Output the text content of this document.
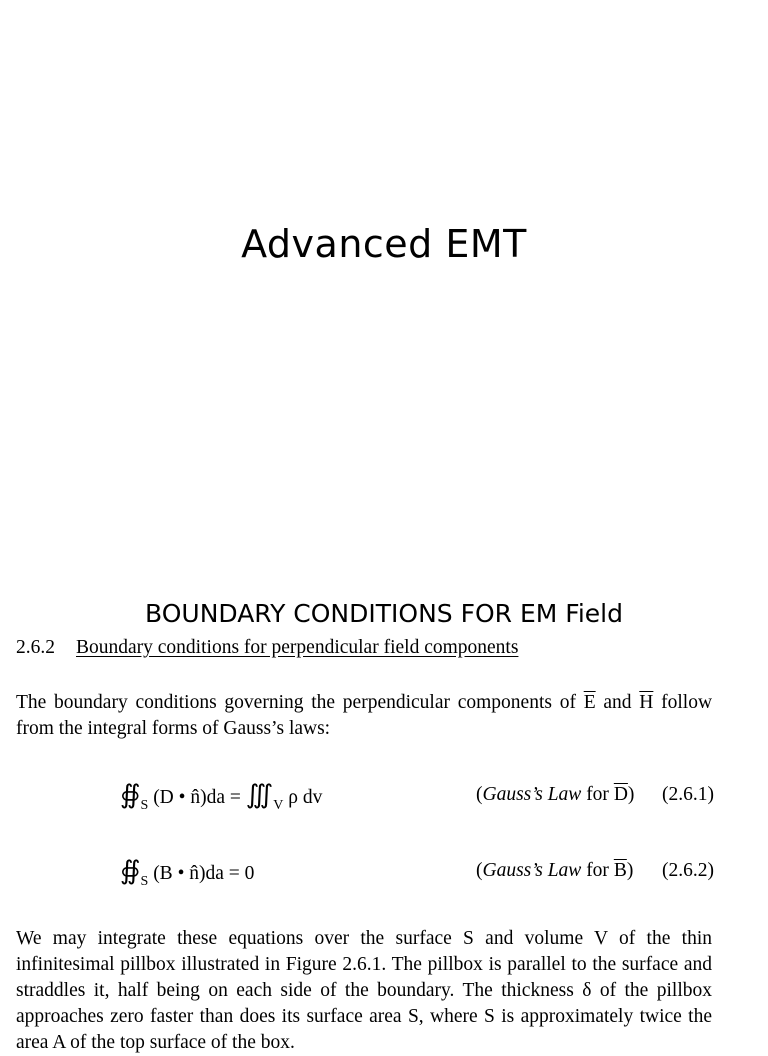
Advanced EMT
BOUNDARY CONDITIONS FOR EM Field
2.6.2 Boundary conditions for perpendicular field components
The boundary conditions governing the perpendicular components of $\overline{E}$ and $\overline{H}$ follow from the integral forms of Gauss’s laws:
$∯_S$ (D • n̂)da = $∭_V$ ρ dv	(Gauss’s Law for $\overline{D}$) (2.6.1)
$∯_S$ (B • n̂)da = 0	(Gauss’s Law for $\overline{B}$) (2.6.2)
We may integrate these equations over the surface S and volume V of the thin infinitesimal pillbox illustrated in Figure 2.6.1. The pillbox is parallel to the surface and straddles it, half being on each side of the boundary. The thickness δ of the pillbox approaches zero faster than does its surface area S, where S is approximately twice the area A of the top surface of the box.
